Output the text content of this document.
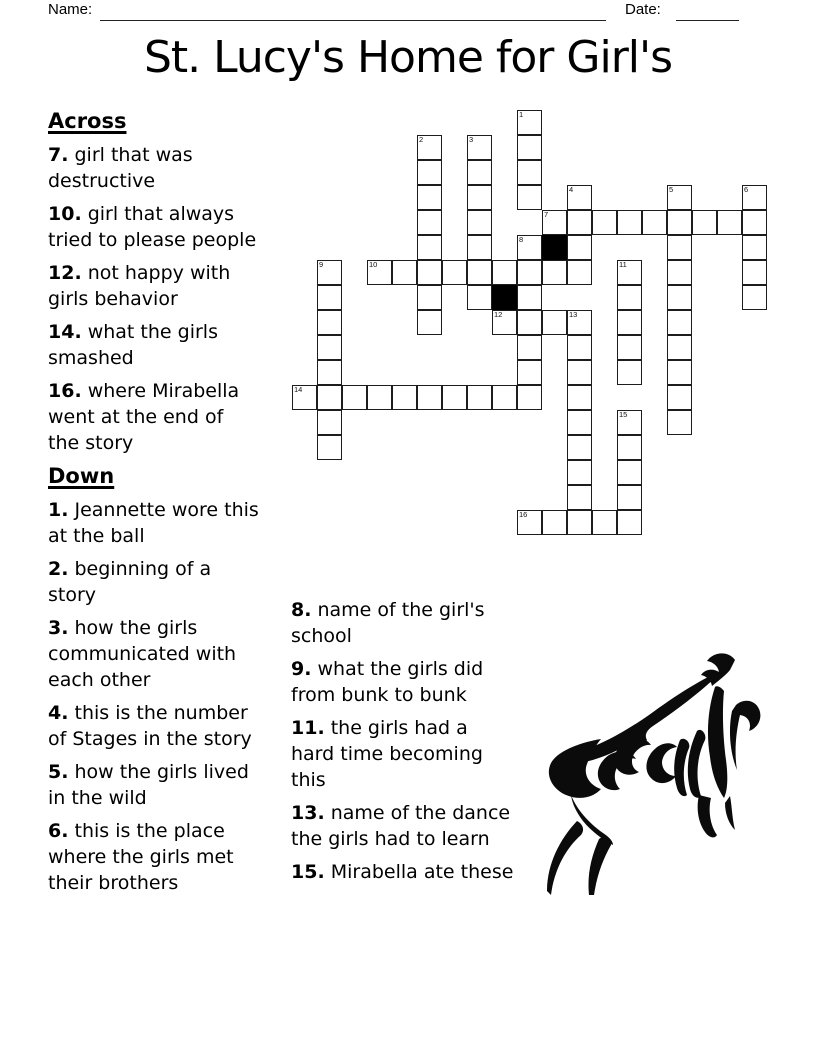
Name:	Date:
St. Lucy's Home for Girl's
1
2	3
4	5	6
7
8
9	10	11
12	13
14
15
16
Across

7. girl that was destructive

10. girl that always tried to please people

12. not happy with girls behavior

14. what the girls smashed

16. where Mirabella went at the end of the story

Down

1. Jeannette wore this at the ball

2. beginning of a story

3. how the girls communicated with each other

4. this is the number of Stages in the story

5. how the girls lived in the wild

6. this is the place where the girls met their brothers

8. name of the girl's school

9. what the girls did from bunk to bunk

11. the girls had a hard time becoming this

13. name of the dance the girls had to learn

15. Mirabella ate these
